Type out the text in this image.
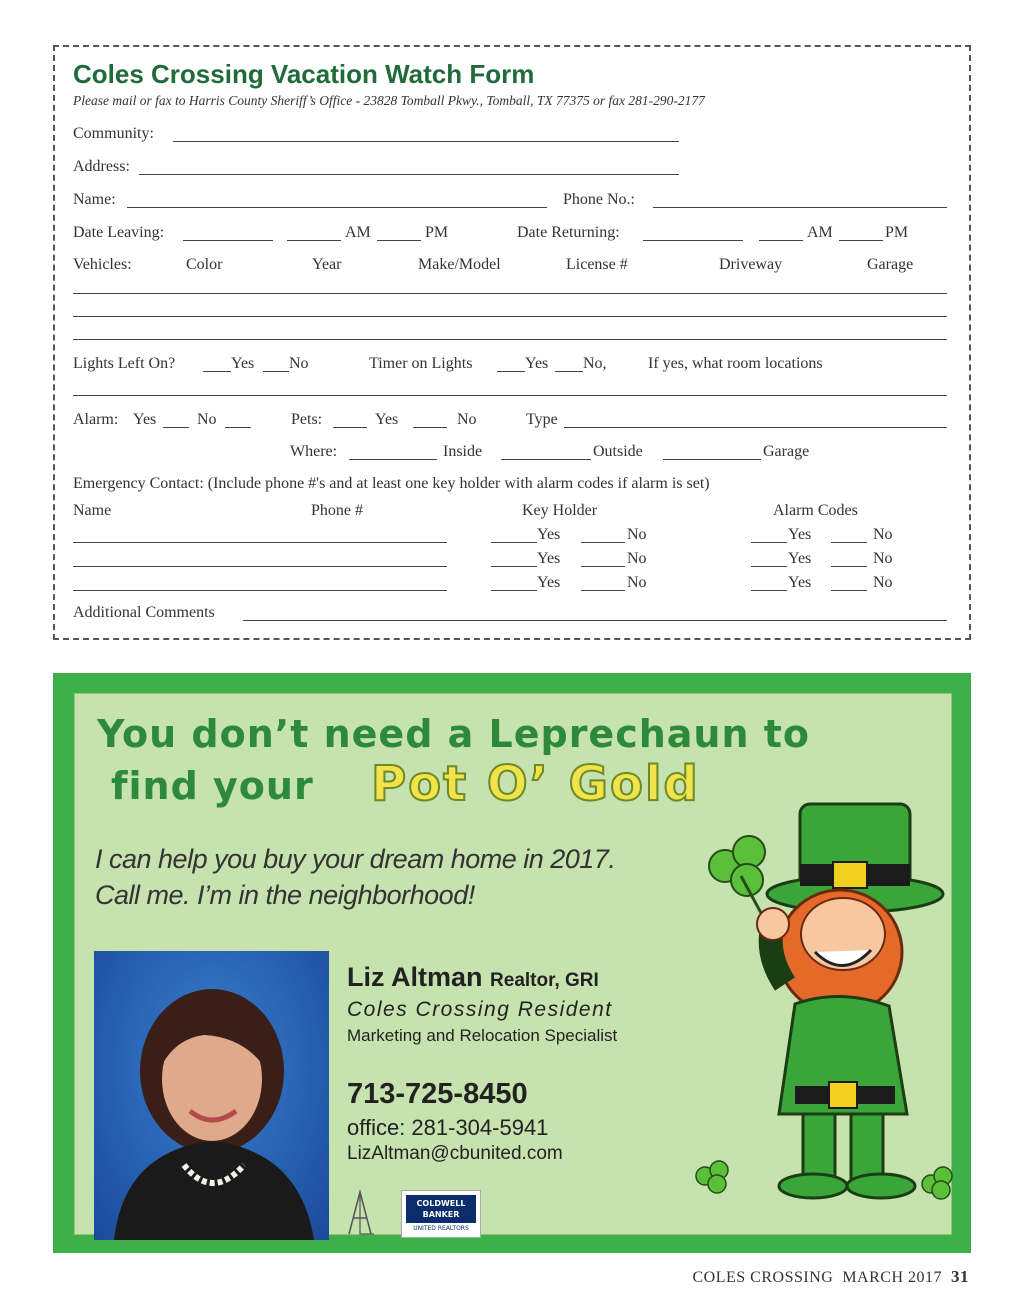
Coles Crossing Vacation Watch Form
Please mail or fax to Harris County Sheriff’s Office - 23828 Tomball Pkwy., Tomball, TX 77375 or fax 281-290-2177
Community:
Address:
Name:	Phone No.:
Date Leaving:	AM	PM	Date Returning:	AM	PM
Vehicles:	Color	Year	Make/Model	License #	Driveway	Garage
Lights Left On?	Yes No	Timer on Lights	Yes No,	If yes, what room locations
Alarm: Yes	No	Pets:	Yes	No	Type
Where:	Inside	Outside	Garage
Emergency Contact: (Include phone #'s and at least one key holder with alarm codes if alarm is set)
Name	Phone #	Key Holder	Alarm Codes
Yes	No	Yes	No
Yes	No	Yes	No
Yes	No	Yes	No
Additional Comments
You don’t need a Leprechaun to
find your Pot O’ Gold
I can help you buy your dream home in 2017.
Call me. I’m in the neighborhood!
Liz Altman Realtor, GRI
Coles Crossing Resident
Marketing and Relocation Specialist
713-725-8450
office: 281-304-5941
LizAltman@cbunited.com
COLDWELL BANKER
UNITED REALTORS
COLES CROSSING MARCH 2017 31
